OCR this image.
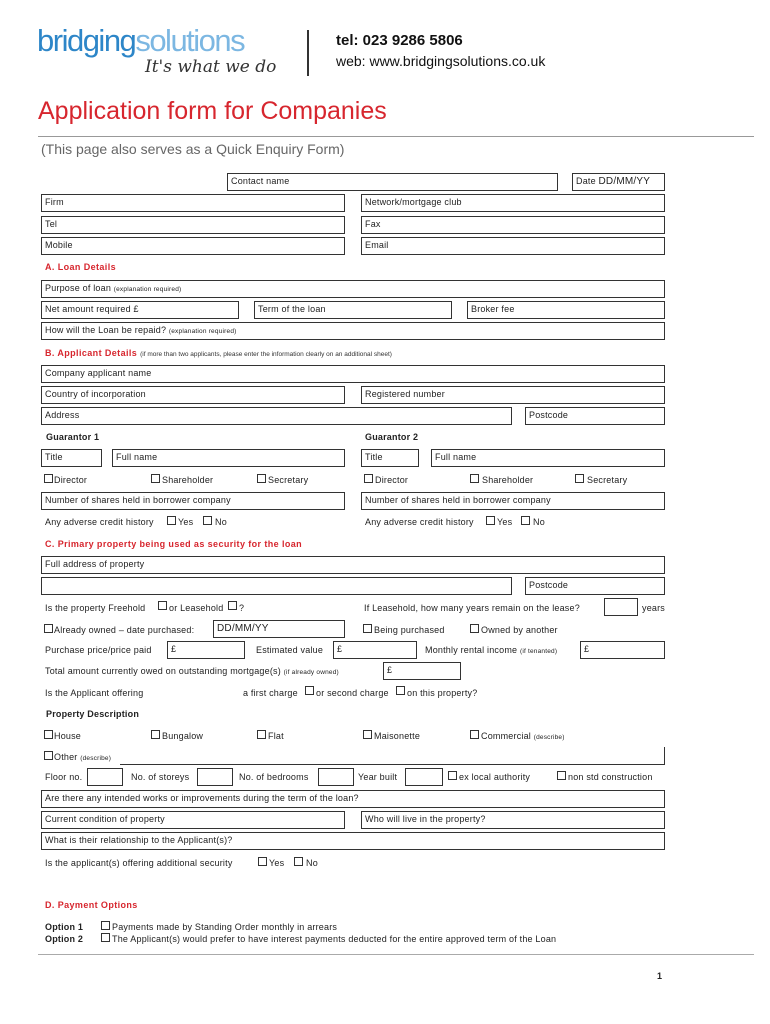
bridgingsolutions
It's what we do
tel: 023 9286 5806
web: www.bridgingsolutions.co.uk
Application form for Companies
(This page also serves as a Quick Enquiry Form)
Contact name	Date DD/MM/YY
Firm	Network/mortgage club
Tel	Fax
Mobile	Email
A. Loan Details
Purpose of loan (explanation required)
Net amount required £	Term of the loan	Broker fee
How will the Loan be repaid? (explanation required)
B. Applicant Details (if more than two applicants, please enter the information clearly on an additional sheet)
Company applicant name
Country of incorporation	Registered number
Address	Postcode
Guarantor 1	Guarantor 2
Title	Full name
Director	Shareholder	Secretary
Number of shares held in borrower company
Any adverse credit history	Yes No
Title	Full name
Director	Shareholder	Secretary
Number of shares held in borrower company
Any adverse credit history	Yes No
C. Primary property being used as security for the loan
Full address of property
Postcode
Is the property Freehold	or Leasehold ?	If Leasehold, how many years remain on the lease?	years
Already owned – date purchased:	DD/MM/YY	Being purchased	Owned by another
Purchase price/price paid	£	Estimated value	£	Monthly rental income (if tenanted)	£
Total amount currently owed on outstanding mortgage(s) (if already owned)	£
Is the Applicant offering	a first charge or second charge on this property?
Property Description
House	Bungalow	Flat	Maisonette	Commercial (describe)
Other (describe)
Floor no.	No. of storeys	No. of bedrooms	Year built	ex local authority	non std construction
Are there any intended works or improvements during the term of the loan?
Current condition of property	Who will live in the property?
What is their relationship to the Applicant(s)?
Is the applicant(s) offering additional security	Yes No
D. Payment Options
Option 1	Payments made by Standing Order monthly in arrears
Option 2	The Applicant(s) would prefer to have interest payments deducted for the entire approved term of the Loan
1
